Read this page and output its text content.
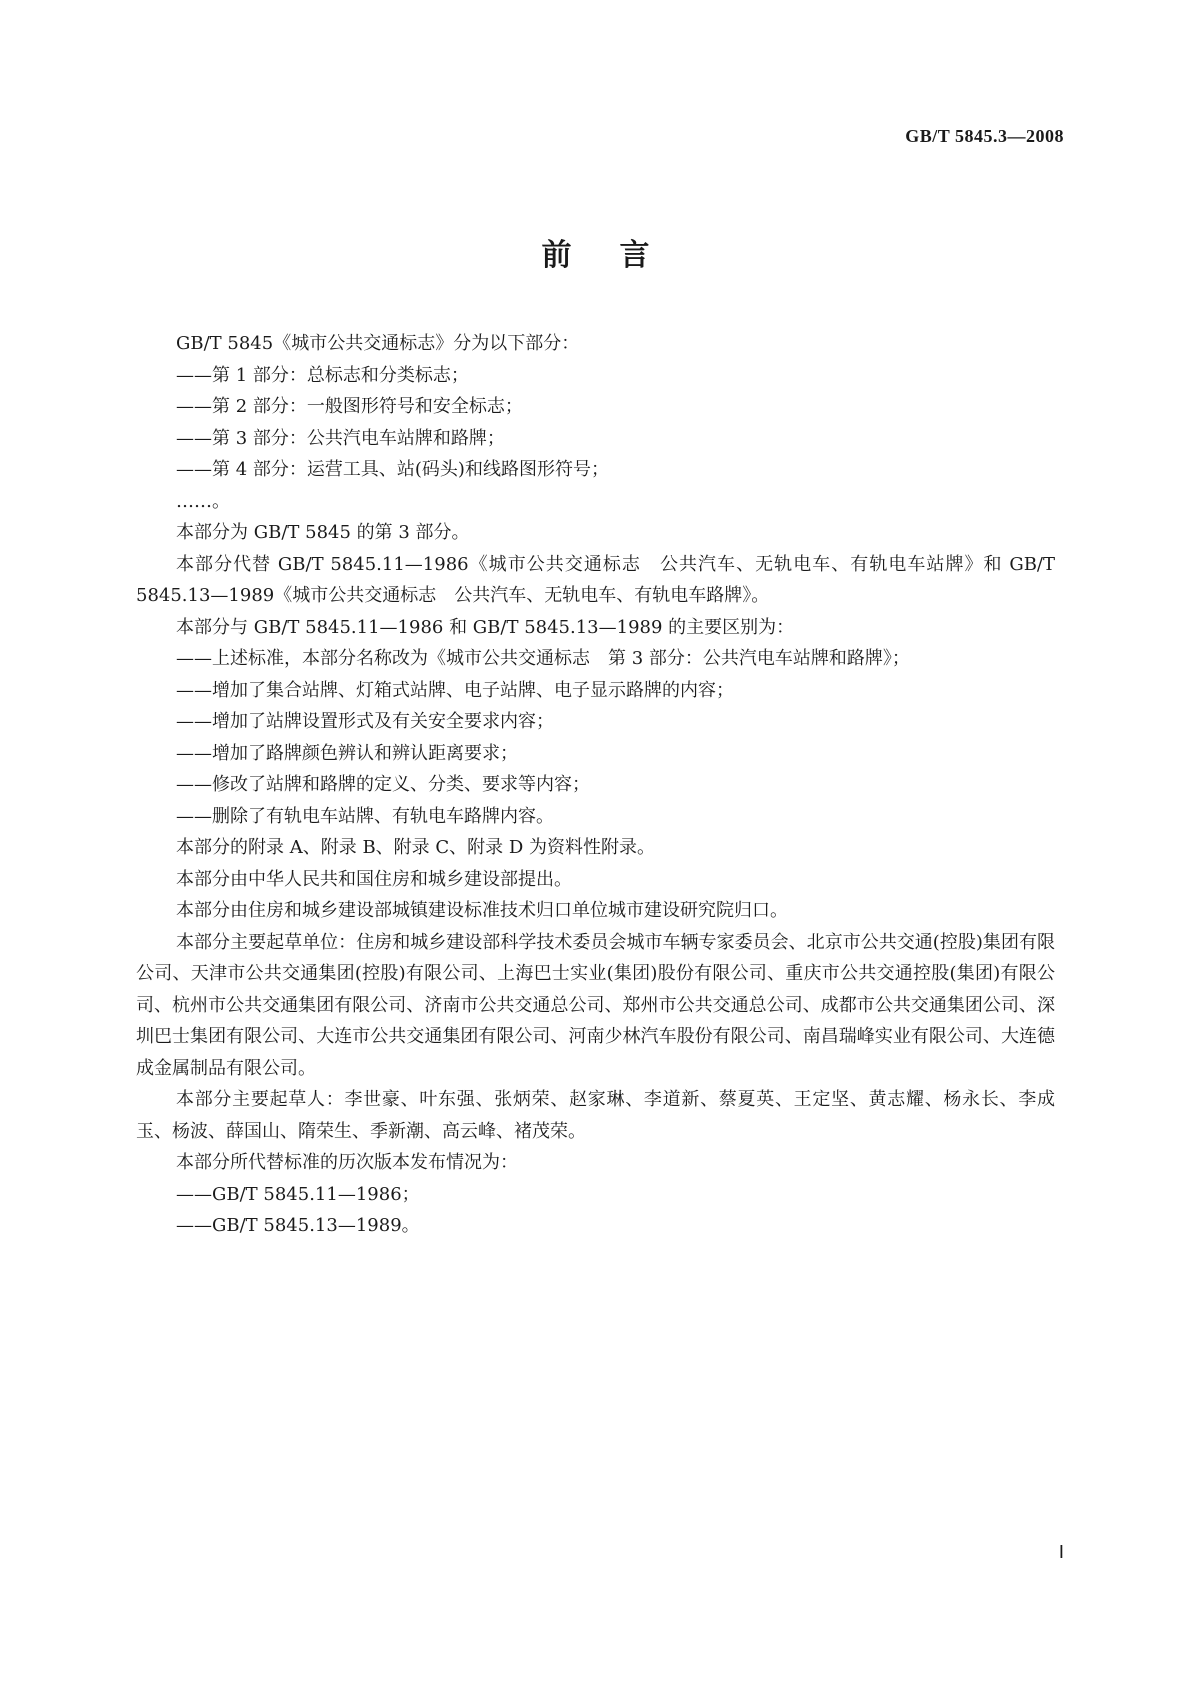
GB/T 5845.3—2008
前言

GB/T 5845《城市公共交通标志》分为以下部分：

——第 1 部分：总标志和分类标志；

——第 2 部分：一般图形符号和安全标志；

——第 3 部分：公共汽电车站牌和路牌；

——第 4 部分：运营工具、站(码头)和线路图形符号；

……。

本部分为 GB/T 5845 的第 3 部分。

本部分代替 GB/T 5845.11—1986《城市公共交通标志　公共汽车、无轨电车、有轨电车站牌》和 GB/T 5845.13—1989《城市公共交通标志　公共汽车、无轨电车、有轨电车路牌》。

本部分与 GB/T 5845.11—1986 和 GB/T 5845.13—1989 的主要区别为：

——上述标准，本部分名称改为《城市公共交通标志　第 3 部分：公共汽电车站牌和路牌》；

——增加了集合站牌、灯箱式站牌、电子站牌、电子显示路牌的内容；

——增加了站牌设置形式及有关安全要求内容；

——增加了路牌颜色辨认和辨认距离要求；

——修改了站牌和路牌的定义、分类、要求等内容；

——删除了有轨电车站牌、有轨电车路牌内容。

本部分的附录 A、附录 B、附录 C、附录 D 为资料性附录。

本部分由中华人民共和国住房和城乡建设部提出。

本部分由住房和城乡建设部城镇建设标准技术归口单位城市建设研究院归口。

本部分主要起草单位：住房和城乡建设部科学技术委员会城市车辆专家委员会、北京市公共交通(控股)集团有限公司、天津市公共交通集团(控股)有限公司、上海巴士实业(集团)股份有限公司、重庆市公共交通控股(集团)有限公司、杭州市公共交通集团有限公司、济南市公共交通总公司、郑州市公共交通总公司、成都市公共交通集团公司、深圳巴士集团有限公司、大连市公共交通集团有限公司、河南少林汽车股份有限公司、南昌瑞峰实业有限公司、大连德成金属制品有限公司。

本部分主要起草人：李世豪、叶东强、张炳荣、赵家琳、李道新、蔡夏英、王定坚、黄志耀、杨永长、李成玉、杨波、薛国山、隋荣生、季新潮、高云峰、褚茂荣。

本部分所代替标准的历次版本发布情况为：

——GB/T 5845.11—1986；

——GB/T 5845.13—1989。

Ⅰ
